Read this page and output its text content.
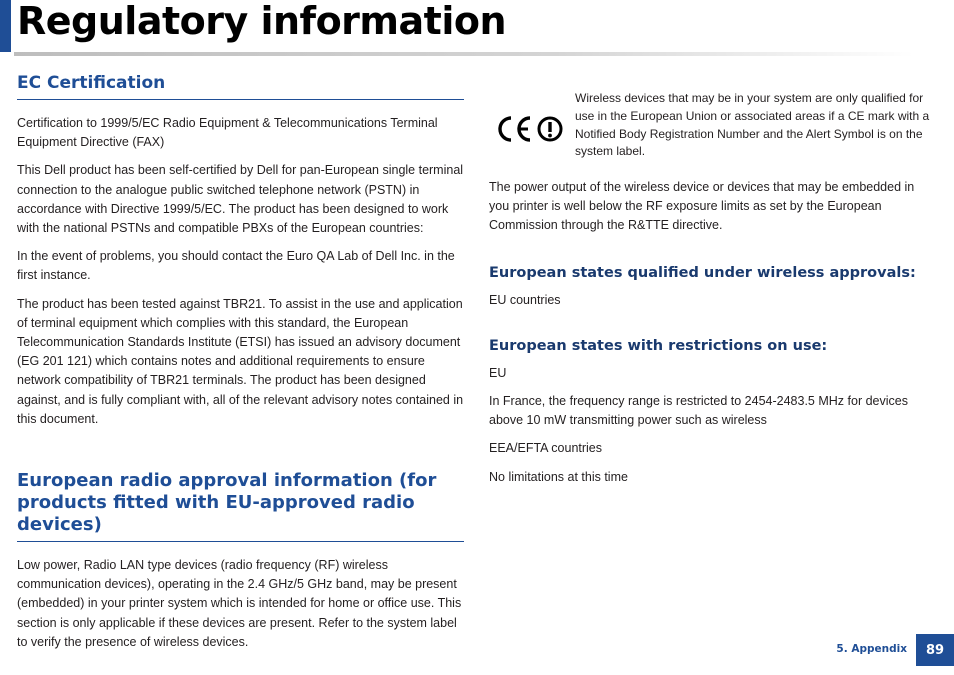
Regulatory information
EC Certification

Certification to 1999/5/EC Radio Equipment & Telecommunications Terminal Equipment Directive (FAX)

This Dell product has been self-certified by Dell for pan-European single terminal connection to the analogue public switched telephone network (PSTN) in accordance with Directive 1999/5/EC. The product has been designed to work with the national PSTNs and compatible PBXs of the European countries:

In the event of problems, you should contact the Euro QA Lab of Dell Inc. in the first instance.

The product has been tested against TBR21. To assist in the use and application of terminal equipment which complies with this standard, the European Telecommunication Standards Institute (ETSI) has issued an advisory document (EG 201 121) which contains notes and additional requirements to ensure network compatibility of TBR21 terminals. The product has been designed against, and is fully compliant with, all of the relevant advisory notes contained in this document.

European radio approval information (for products fitted with EU-approved radio devices)

Low power, Radio LAN type devices (radio frequency (RF) wireless communication devices), operating in the 2.4 GHz/5 GHz band, may be present (embedded) in your printer system which is intended for home or office use. This section is only applicable if these devices are present. Refer to the system label to verify the presence of wireless devices.

Wireless devices that may be in your system are only qualified for use in the European Union or associated areas if a CE mark with a Notified Body Registration Number and the Alert Symbol is on the system label.

The power output of the wireless device or devices that may be embedded in you printer is well below the RF exposure limits as set by the European Commission through the R&TTE directive.

European states qualified under wireless approvals:

EU countries

European states with restrictions on use:

EU

In France, the frequency range is restricted to 2454-2483.5 MHz for devices above 10 mW transmitting power such as wireless

EEA/EFTA countries

No limitations at this time

5. Appendix	89
